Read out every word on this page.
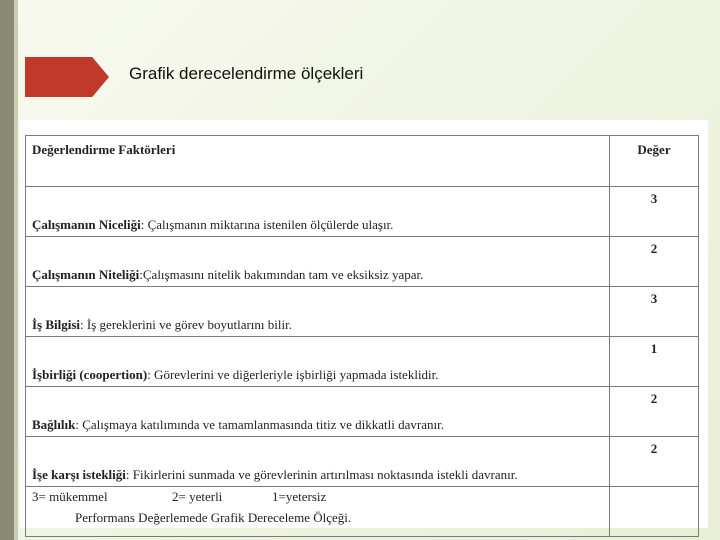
Grafik derecelendirme ölçekleri
Değerlendirme Faktörleri	Değer
Çalışmanın Niceliği: Çalışmanın miktarına istenilen ölçülerde ulaşır.	3
Çalışmanın Niteliği:Çalışmasını nitelik bakımından tam ve eksiksiz yapar.	2
İş Bilgisi: İş gereklerini ve görev boyutlarını bilir.	3
İşbirliği (coopertion): Görevlerini ve diğerleriyle işbirliği yapmada isteklidir.	1
Bağlılık: Çalışmaya katılımında ve tamamlanmasında titiz ve dikkatli davranır.	2
İşe karşı istekliği: Fikirlerini sunmada ve görevlerinin artırılması noktasında istekli davranır.	2
3= mükemmel 2= yeterli 1=yetersiz	
Performans Değerlemede Grafik Dereceleme Ölçeği.
